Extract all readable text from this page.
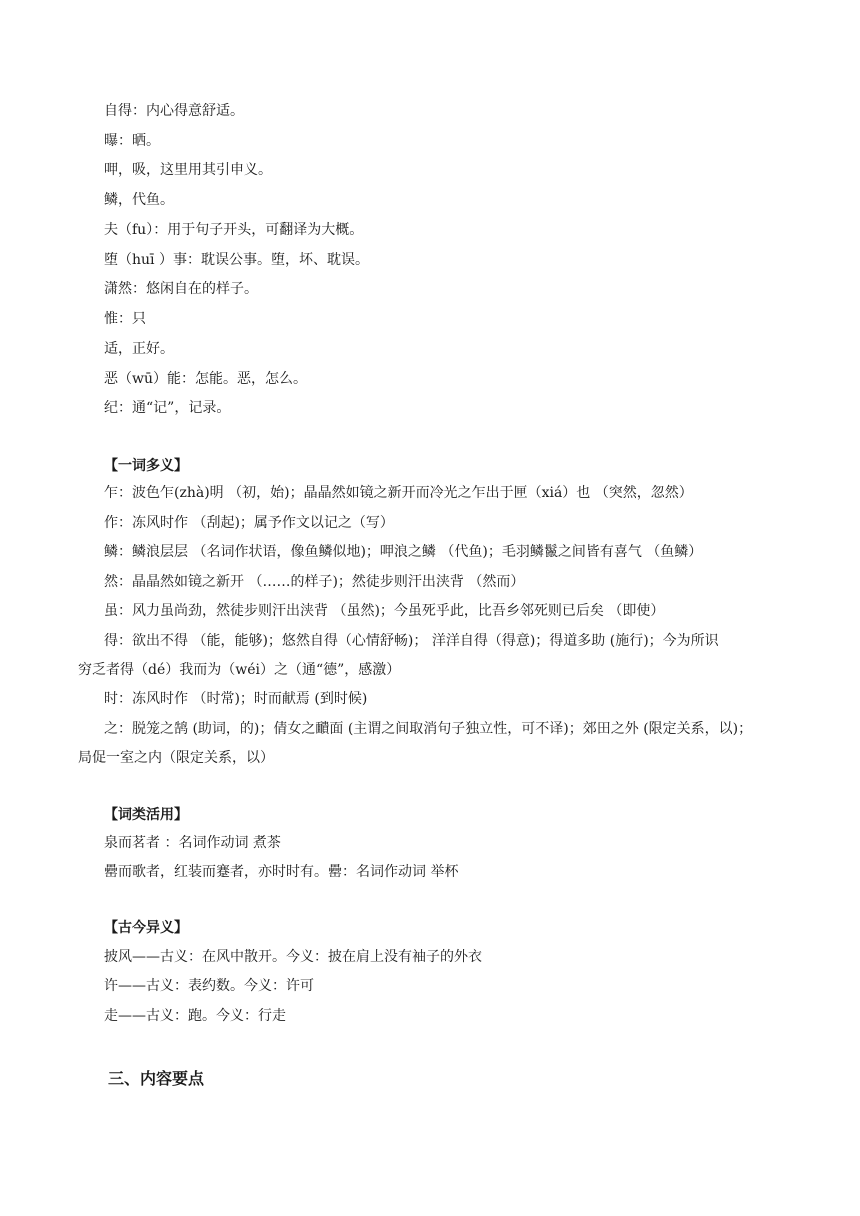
自得：内心得意舒适。
曝：晒。
呷，吸，这里用其引申义。
鳞，代鱼。
夫（fu）：用于句子开头，可翻译为大概。
堕（huī ）事：耽误公事。堕，坏、耽误。
潇然：悠闲自在的样子。
惟：只
适，正好。
恶（wū）能：怎能。恶，怎么。
纪：通“记”，记录。
【一词多义】
乍：波色乍(zhà)明 （初，始)；晶晶然如镜之新开而冷光之乍出于匣（xiá）也 （突然，忽然）
作：冻风时作 （刮起)；属予作文以记之（写）
鳞：鳞浪层层 （名词作状语，像鱼鳞似地)；呷浪之鳞 （代鱼)；毛羽鳞鬣之间皆有喜气 （鱼鳞）
然：晶晶然如镜之新开 （……的样子)；然徒步则汗出浃背 （然而）
虽：风力虽尚劲，然徒步则汗出浃背 （虽然)；今虽死乎此，比吾乡邻死则已后矣 （即使）
得：欲出不得 （能，能够)；悠然自得（心情舒畅)； 洋洋自得（得意)；得道多助 (施行)；今为所识
穷乏者得（dé）我而为（wéi）之（通“德”，感激）
时：冻风时作 （时常)；时而献焉 (到时候)
之：脱笼之鹄 (助词，的)；倩女之靧面 (主谓之间取消句子独立性，可不译)；郊田之外 (限定关系，以)；
局促一室之内（限定关系，以）
【词类活用】
泉而茗者 ：名词作动词 煮茶
罍而歌者，红装而蹇者，亦时时有。罍：名词作动词 举杯
【古今异义】
披风——古义：在风中散开。今义：披在肩上没有袖子的外衣
许——古义：表约数。今义：许可
走——古义：跑。今义：行走
三、内容要点
